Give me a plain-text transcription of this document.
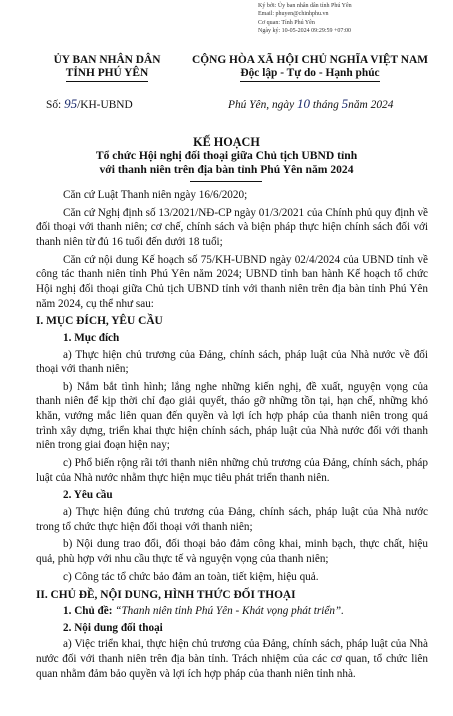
Ký bởi: Ủy ban nhân dân tỉnh Phú Yên
Email: phuyen@chinhphu.vn
Cơ quan: Tỉnh Phú Yên
Ngày ký: 10-05-2024 09:29:59 +07:00
ỦY BAN NHÂN DÂN
TỈNH PHÚ YÊN
CỘNG HÒA XÃ HỘI CHỦ NGHĨA VIỆT NAM
Độc lập - Tự do - Hạnh phúc
Số: 95/KH-UBND	Phú Yên, ngày 10 tháng 5năm 2024
KẾ HOẠCH
Tổ chức Hội nghị đối thoại giữa Chủ tịch UBND tỉnh
với thanh niên trên địa bàn tỉnh Phú Yên năm 2024

Căn cứ Luật Thanh niên ngày 16/6/2020;

Căn cứ Nghị định số 13/2021/NĐ-CP ngày 01/3/2021 của Chính phủ quy định về đối thoại với thanh niên; cơ chế, chính sách và biện pháp thực hiện chính sách đối với thanh niên từ đủ 16 tuổi đến dưới 18 tuổi;

Căn cứ nội dung Kế hoạch số 75/KH-UBND ngày 02/4/2024 của UBND tỉnh về công tác thanh niên tỉnh Phú Yên năm 2024; UBND tỉnh ban hành Kế hoạch tổ chức Hội nghị đối thoại giữa Chủ tịch UBND tỉnh với thanh niên trên địa bàn tỉnh Phú Yên năm 2024, cụ thể như sau:

I. MỤC ĐÍCH, YÊU CẦU
1. Mục đích

a) Thực hiện chủ trương của Đảng, chính sách, pháp luật của Nhà nước về đối thoại với thanh niên;

b) Nắm bắt tình hình; lắng nghe những kiến nghị, đề xuất, nguyện vọng của thanh niên để kịp thời chỉ đạo giải quyết, tháo gỡ những tồn tại, hạn chế, những khó khăn, vướng mắc liên quan đến quyền và lợi ích hợp pháp của thanh niên trong quá trình xây dựng, triển khai thực hiện chính sách, pháp luật của Nhà nước đối với thanh niên trong giai đoạn hiện nay;

c) Phổ biến rộng rãi tới thanh niên những chủ trương của Đảng, chính sách, pháp luật của Nhà nước nhằm thực hiện mục tiêu phát triển thanh niên.

2. Yêu cầu

a) Thực hiện đúng chủ trương của Đảng, chính sách, pháp luật của Nhà nước trong tổ chức thực hiện đối thoại với thanh niên;

b) Nội dung trao đổi, đối thoại bảo đảm công khai, minh bạch, thực chất, hiệu quả, phù hợp với nhu cầu thực tế và nguyện vọng của thanh niên;

c) Công tác tổ chức bảo đảm an toàn, tiết kiệm, hiệu quả.

II. CHỦ ĐỀ, NỘI DUNG, HÌNH THỨC ĐỐI THOẠI
1. Chủ đề: “Thanh niên tỉnh Phú Yên - Khát vọng phát triển”.
2. Nội dung đối thoại

a) Việc triển khai, thực hiện chủ trương của Đảng, chính sách, pháp luật của Nhà nước đối với thanh niên trên địa bàn tỉnh. Trách nhiệm của các cơ quan, tổ chức liên quan nhằm đảm bảo quyền và lợi ích hợp pháp của thanh niên tỉnh nhà.
